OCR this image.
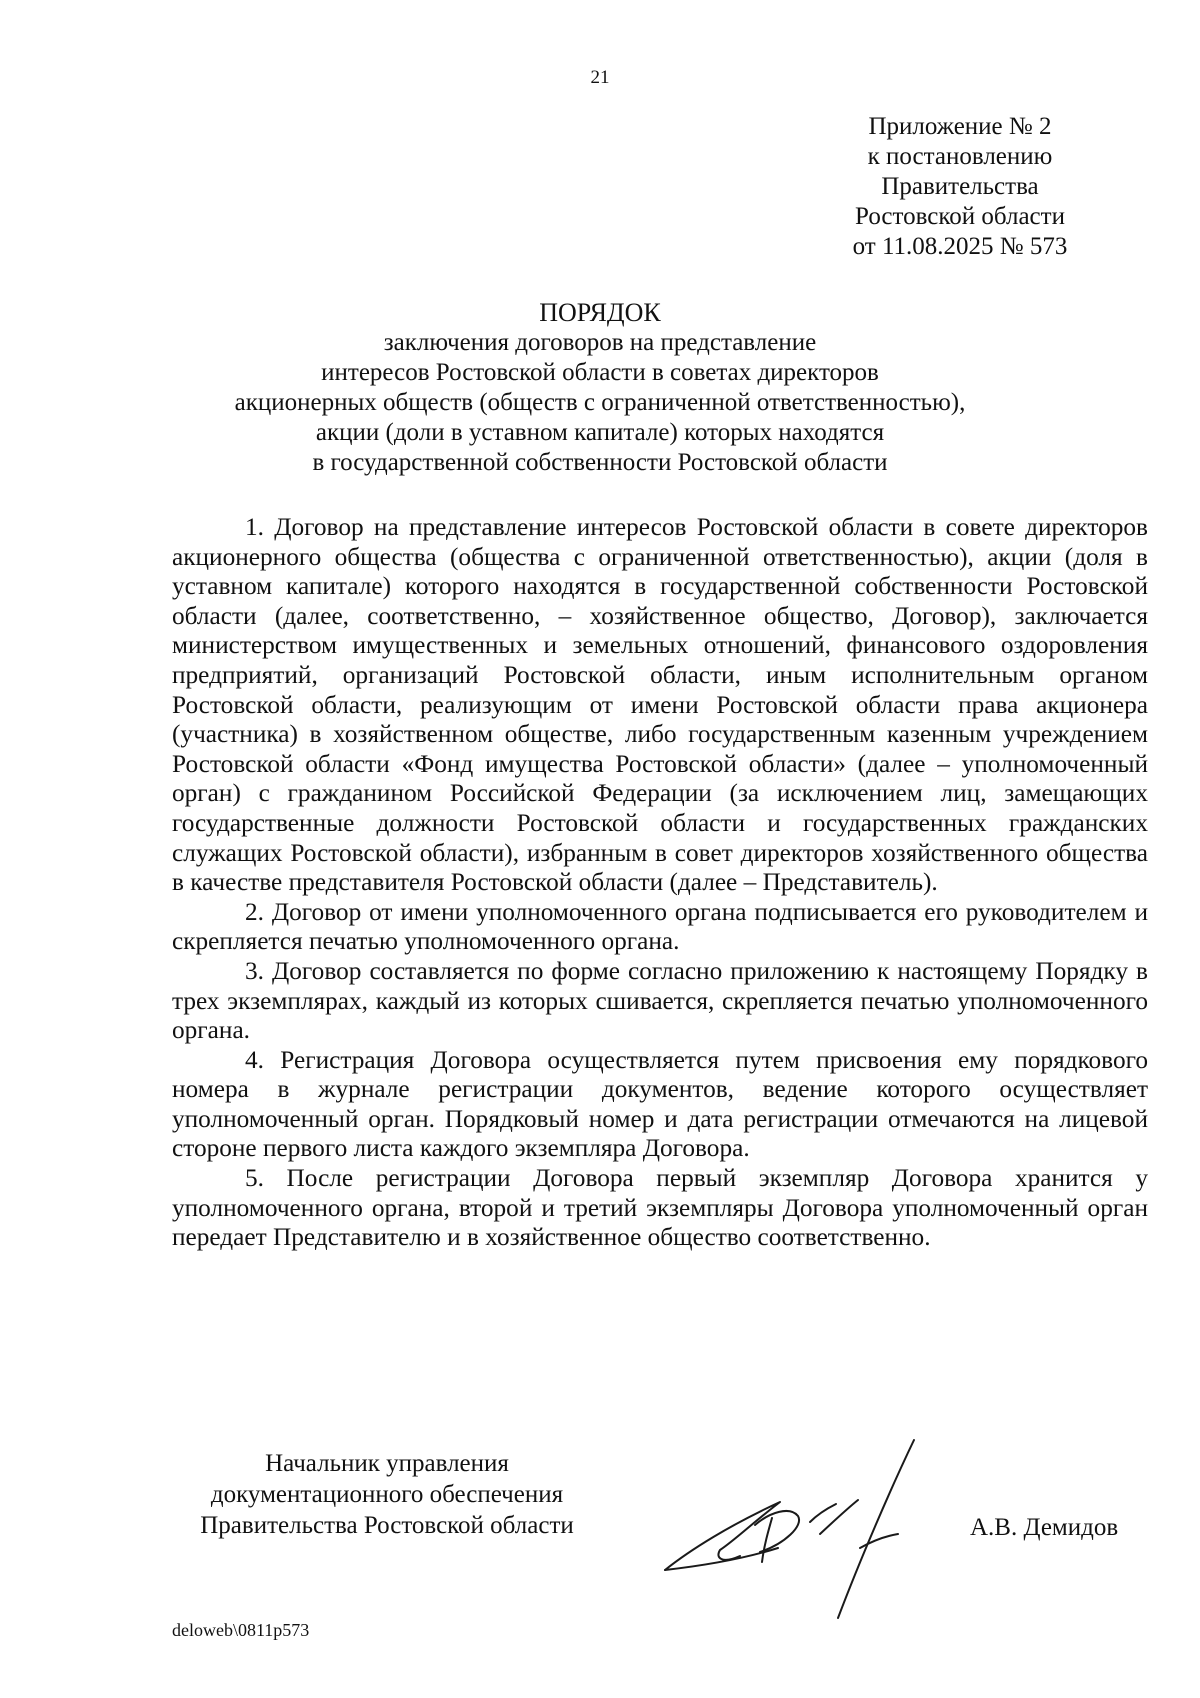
21
Приложение № 2
к постановлению
Правительства
Ростовской области
от 11.08.2025 № 573
ПОРЯДОК
заключения договоров на представление
интересов Ростовской области в советах директоров
акционерных обществ (обществ с ограниченной ответственностью),
акции (доли в уставном капитале) которых находятся
в государственной собственности Ростовской области

1. Договор на представление интересов Ростовской области в совете директоров акционерного общества (общества с ограниченной ответственностью), акции (доля в уставном капитале) которого находятся в государственной собственности Ростовской области (далее, соответственно, – хозяйственное общество, Договор), заключается министерством имущественных и земельных отношений, финансового оздоровления предприятий, организаций Ростовской области, иным исполнительным органом Ростовской области, реализующим от имени Ростовской области права акционера (участника) в хозяйственном обществе, либо государственным казенным учреждением Ростовской области «Фонд имущества Ростовской области» (далее – уполномоченный орган) с гражданином Российской Федерации (за исключением лиц, замещающих государственные должности Ростовской области и государственных гражданских служащих Ростовской области), избранным в совет директоров хозяйственного общества в качестве представителя Ростовской области (далее – Представитель).

2. Договор от имени уполномоченного органа подписывается его руководителем и скрепляется печатью уполномоченного органа.

3. Договор составляется по форме согласно приложению к настоящему Порядку в трех экземплярах, каждый из которых сшивается, скрепляется печатью уполномоченного органа.

4. Регистрация Договора осуществляется путем присвоения ему порядкового номера в журнале регистрации документов, ведение которого осуществляет уполномоченный орган. Порядковый номер и дата регистрации отмечаются на лицевой стороне первого листа каждого экземпляра Договора.

5. После регистрации Договора первый экземпляр Договора хранится у уполномоченного органа, второй и третий экземпляры Договора уполномоченный орган передает Представителю и в хозяйственное общество соответственно.

Начальник управления
документационного обеспечения
Правительства Ростовской области	А.В. Демидов
deloweb\0811p573
